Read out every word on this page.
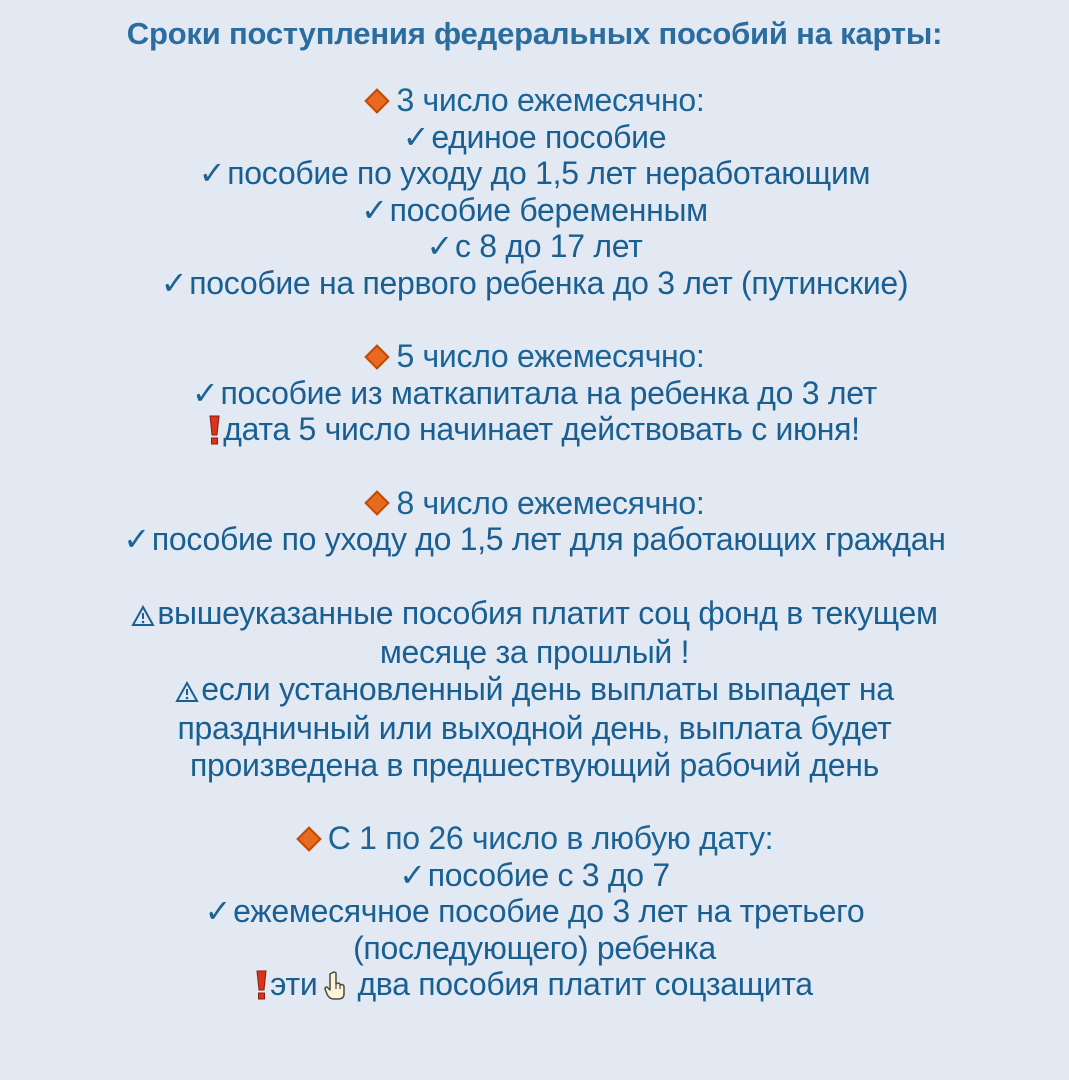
Сроки поступления федеральных пособий на карты:
3 число ежемесячно:
✓единое пособие
✓пособие по уходу до 1,5 лет неработающим
✓пособие беременным
✓с 8 до 17 лет
✓пособие на первого ребенка до 3 лет (путинские)
5 число ежемесячно:
✓пособие из маткапитала на ребенка до 3 лет
дата 5 число начинает действовать с июня!
8 число ежемесячно:
✓пособие по уходу до 1,5 лет для работающих граждан
вышеуказанные пособия платит соц фонд в текущем
месяце за прошлый !
если установленный день выплаты выпадет на
праздничный или выходной день, выплата будет
произведена в предшествующий рабочий день
С 1 по 26 число в любую дату:
✓пособие с 3 до 7
✓ежемесячное пособие до 3 лет на третьего
(последующего) ребенка
эти два пособия платит соцзащита
